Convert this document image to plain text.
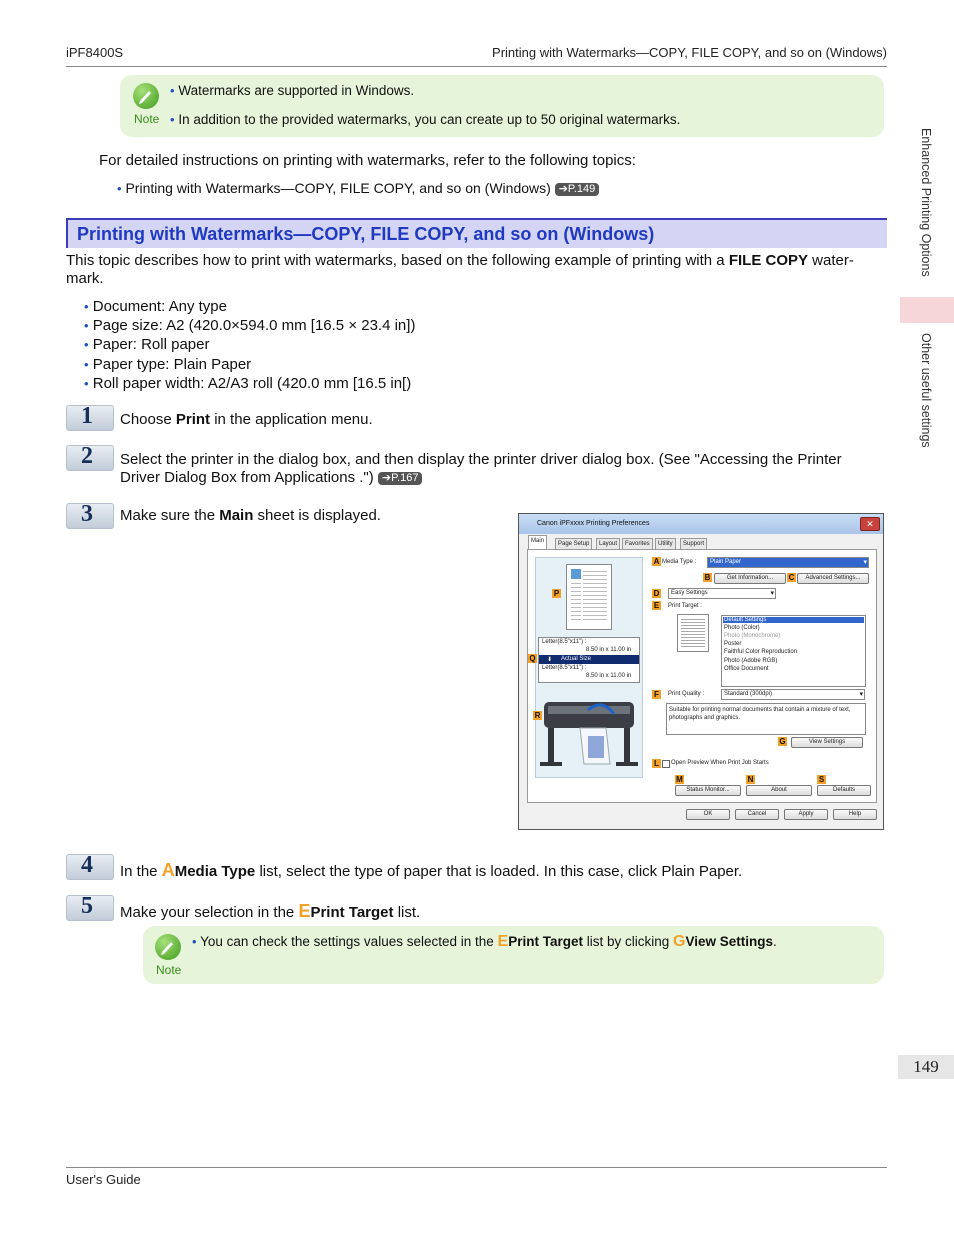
iPF8400S	Printing with Watermarks—COPY, FILE COPY, and so on (Windows)
Enhanced Printing Options
Other useful settings
Note
• Watermarks are supported in Windows.
• In addition to the provided watermarks, you can create up to 50 original watermarks.
For detailed instructions on printing with watermarks, refer to the following topics:
• Printing with Watermarks—COPY, FILE COPY, and so on (Windows) ➔P.149
Printing with Watermarks—COPY, FILE COPY, and so on (Windows)
This topic describes how to print with watermarks, based on the following example of printing with a FILE COPY water-
mark.
• Document: Any type
• Page size: A2 (420.0×594.0 mm [16.5 × 23.4 in])
• Paper: Roll paper
• Paper type: Plain Paper
• Roll paper width: A2/A3 roll (420.0 mm [16.5 in[)
1 Choose Print in the application menu.
2 Select the printer in the dialog box, and then display the printer driver dialog box. (See "Accessing the Printer
Driver Dialog Box from Applications .") ➔P.167
3 Make sure the Main sheet is displayed.	Canon iPFxxxx Printing Preferences	✕
Main	Page Setup	Layout	Favorites	Utility	Support
Letter(8.5"x11") :
8.50 in x 11.00 in
⬇ Actual Size
Letter(8.5"x11") :
8.50 in x 11.00 in
A Media Type :	Plain Paper ▾
B	Get Information...	C	Advanced Settings...
D	Easy Settings ▾
E	Print Target :
Default Settings
Photo (Color)
Photo (Monochrome)
Poster
Faithful Color Reproduction
Photo (Adobe RGB)
Office Document
F	Print Quality :	Standard (300dpi) ▾
Suitable for printing normal documents that contain a mixture of text, photographs and graphics.
G	View Settings
L	Open Preview When Print Job Starts
M
Status Monitor...
N
About
S
Defaults
P
Q
R
OK	Cancel	Apply	Help
4 In the AMedia Type list, select the type of paper that is loaded. In this case, click Plain Paper.
5 Make your selection in the EPrint Target list.
Note
• You can check the settings values selected in the EPrint Target list by clicking GView Settings.
149
User's Guide
